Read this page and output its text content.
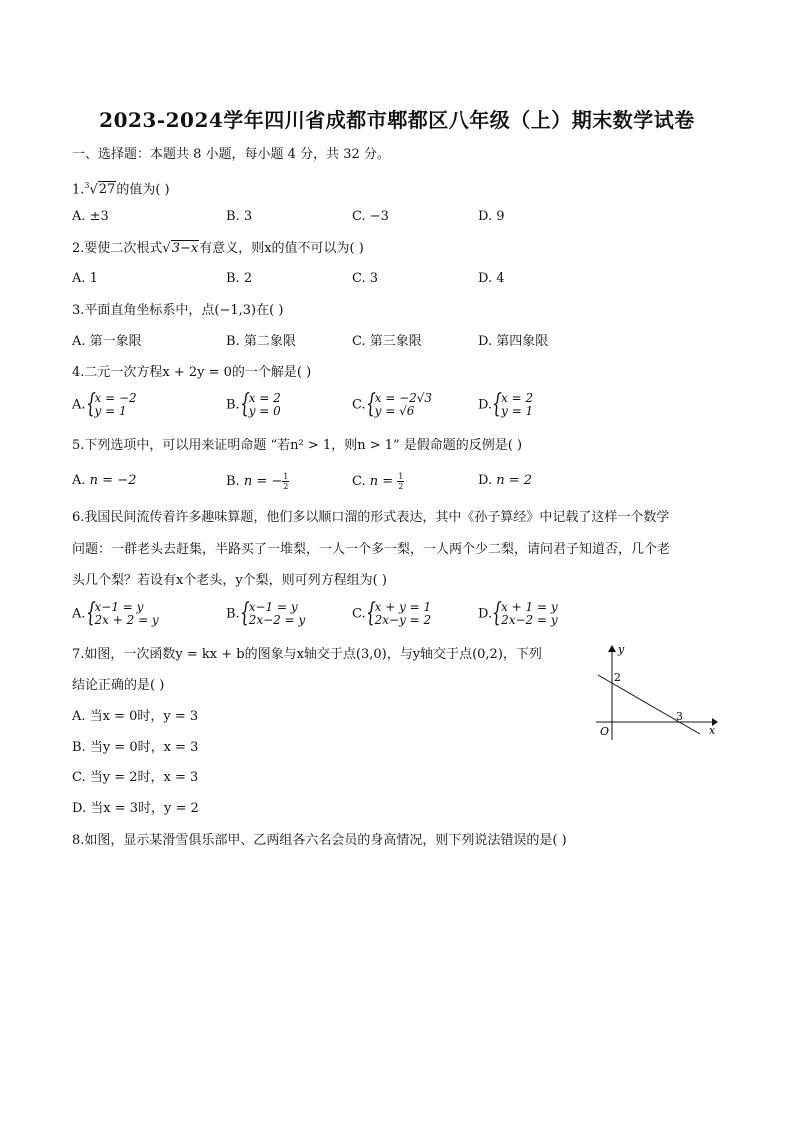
2023-2024学年四川省成都市郫都区八年级（上）期末数学试卷
一、选择题：本题共 8 小题，每小题 4 分，共 32 分。
1.$^3$√27的值为( )
A. ±3	B. 3	C. −3	D. 9
2.要使二次根式√3−x有意义，则x的值不可以为( )
A. 1	B. 2	C. 3	D. 4
3.平面直角坐标系中，点(−1,3)在( )
A. 第一象限	B. 第二象限	C. 第三象限	D. 第四象限
4.二元一次方程x + 2y = 0的一个解是( )
A. { x = −2
y = 1	B. { x = 2
y = 0	C. { x = −2√3
y = √6	D. { x = 2
y = 1
5.下列选项中，可以用来证明命题 “若n² > 1，则n > 1” 是假命题的反例是( )
A. n = −2	B. n = − $\frac{1}{2}$	C. $n = \frac{1}{2}$	D. n = 2
6.我国民间流传着许多趣味算题，他们多以顺口溜的形式表达，其中《孙子算经》中记载了这样一个数学
问题：一群老头去赶集，半路买了一堆梨，一人一个多一梨，一人两个少二梨，请问君子知道否，几个老
头几个梨？若设有x个老头，y个梨，则可列方程组为( )
A. { x−1 = y
2x + 2 = y	B. { x−1 = y
2x−2 = y	C. { x + y = 1
2x−y = 2	D. { x + 1 = y
2x−2 = y
7.如图，一次函数y = kx + b的图象与x轴交于点(3,0)，与y轴交于点(0,2)，下列
结论正确的是( )
A. 当x = 0时，y = 3
B. 当y = 0时，x = 3
C. 当y = 2时，x = 3
D. 当x = 3时，y = 2
y
x
O
2
3
8.如图，显示某滑雪俱乐部甲、乙两组各六名会员的身高情况，则下列说法错误的是( )
